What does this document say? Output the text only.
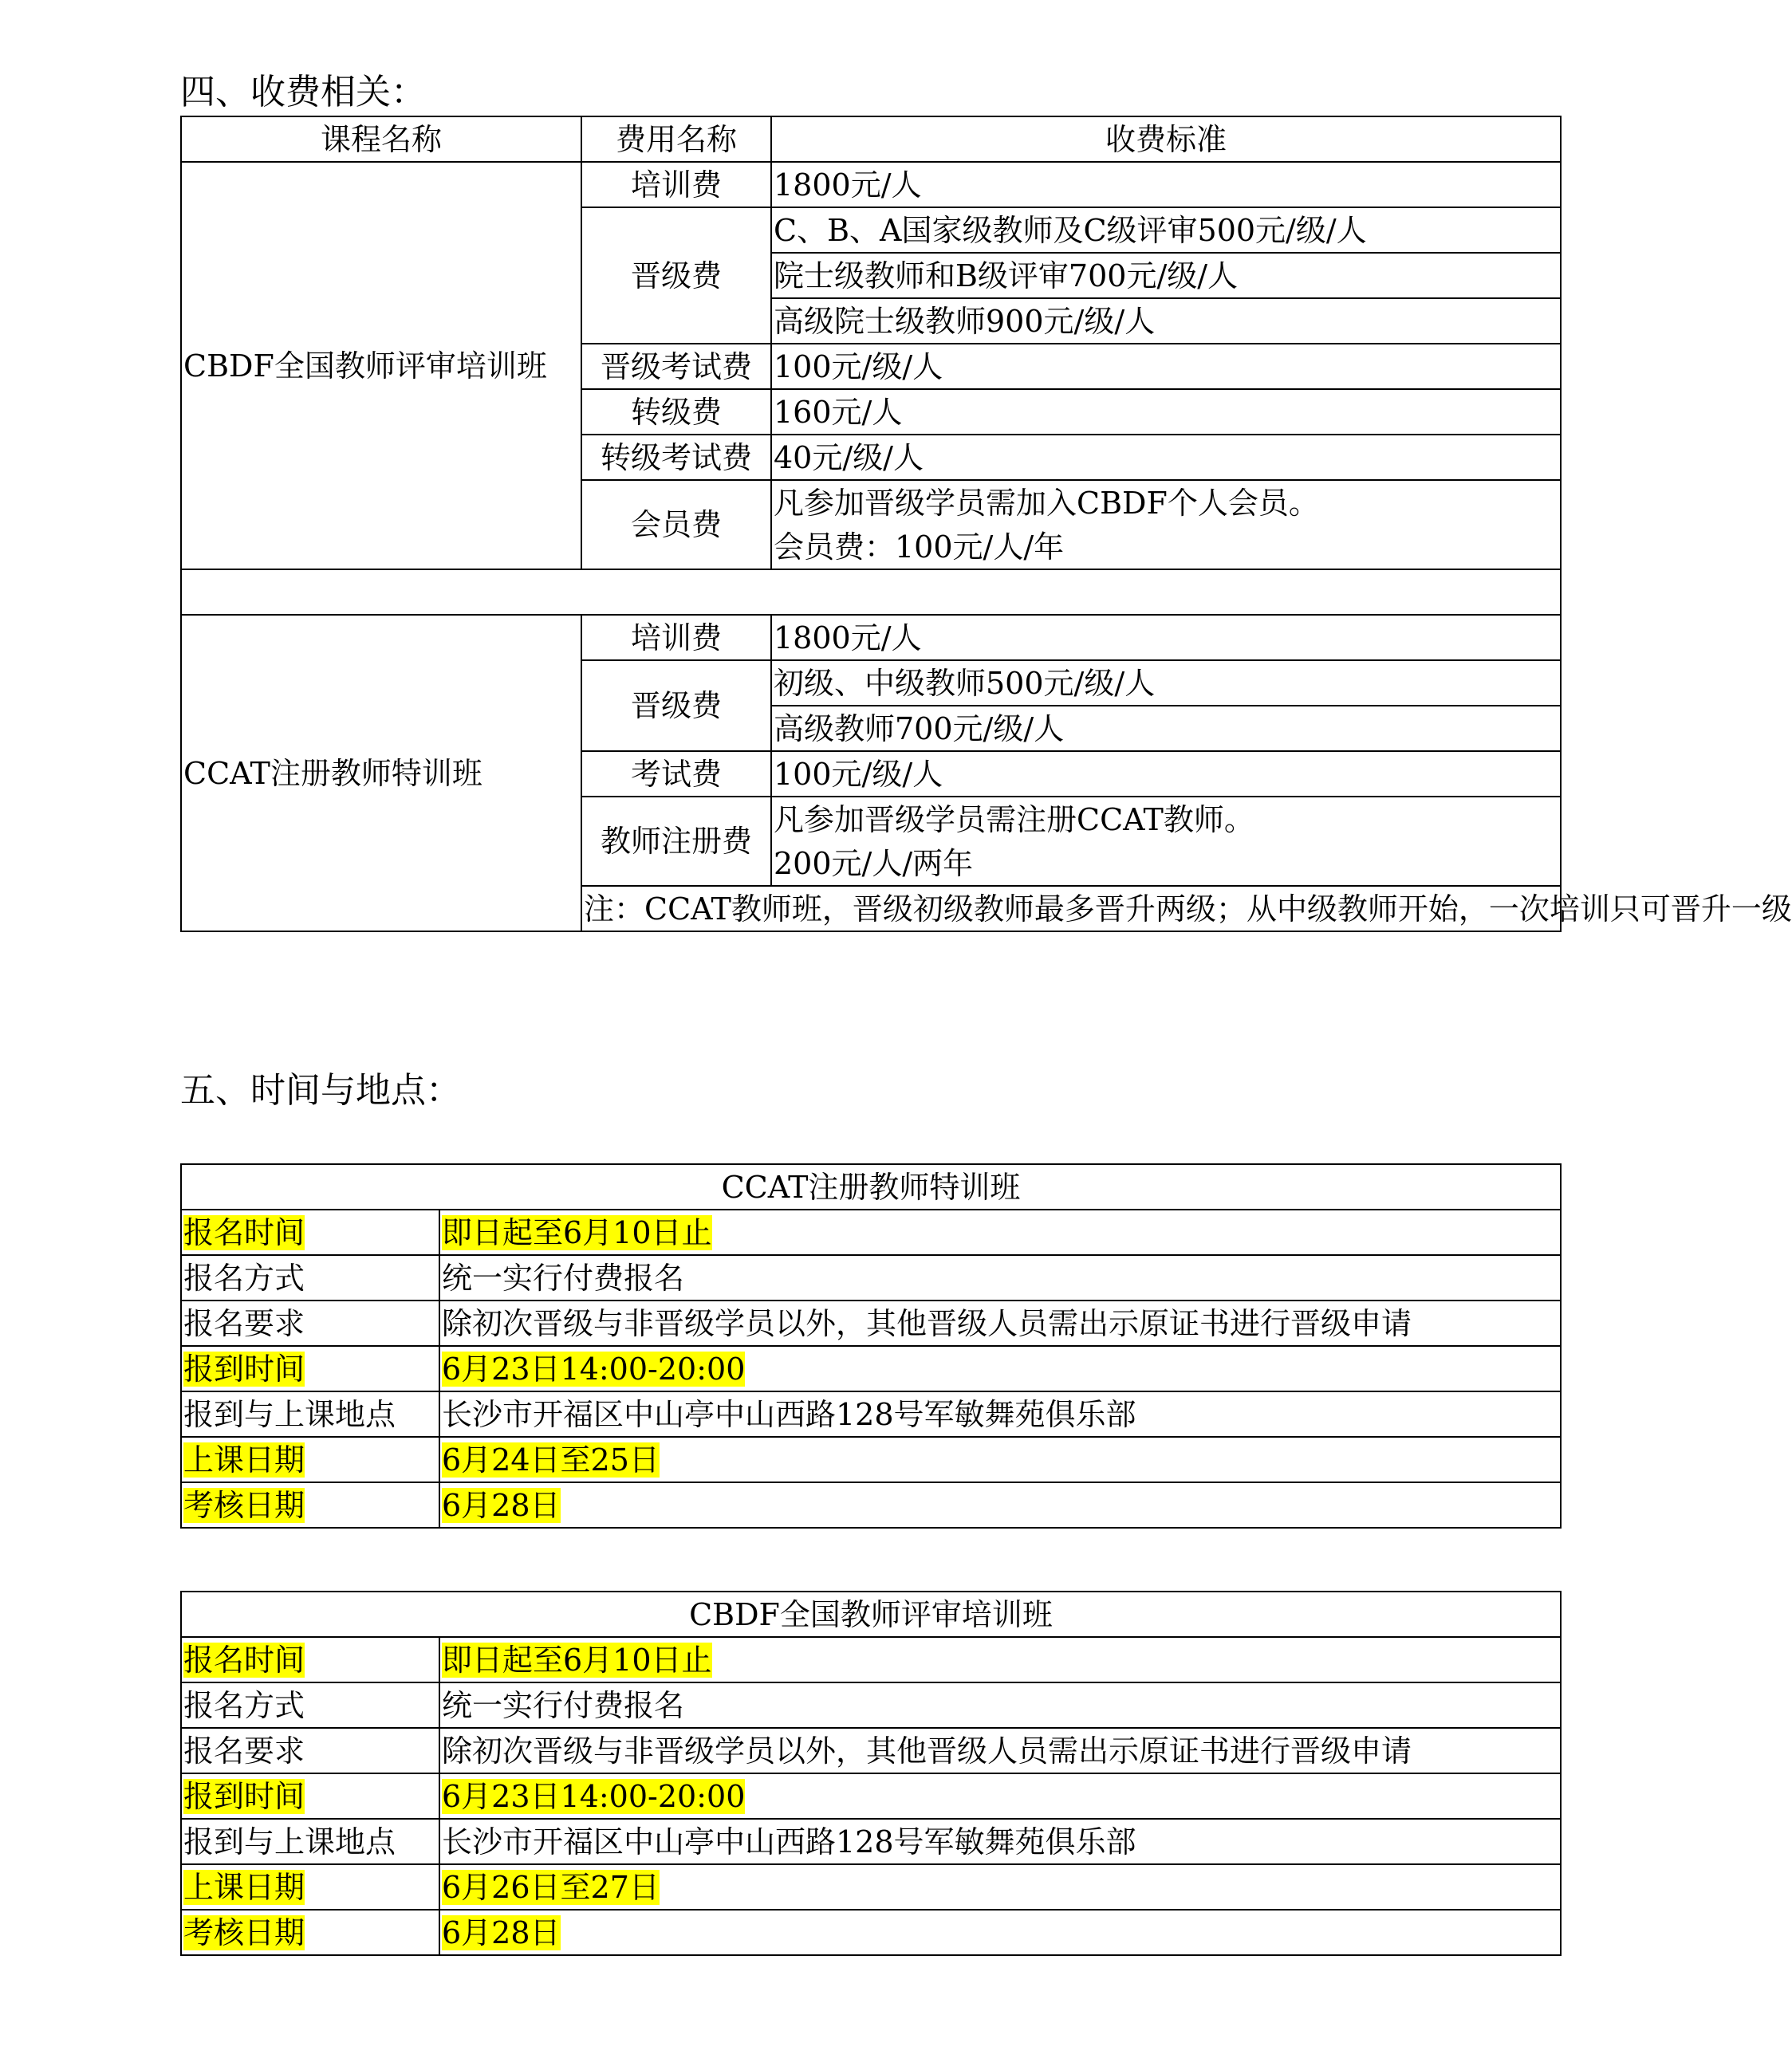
四、收费相关：
课程名称	费用名称	收费标准
CBDF全国教师评审培训班	培训费	1800元/人
	晋级费	C、B、A国家级教师及C级评审500元/级/人
		院士级教师和B级评审700元/级/人
		高级院士级教师900元/级/人
	晋级考试费	100元/级/人
	转级费	160元/人
	转级考试费	40元/级/人
	会员费	凡参加晋级学员需加入CBDF个人会员。
		会员费：100元/人/年

CCAT注册教师特训班	培训费	1800元/人
	晋级费	初级、中级教师500元/级/人
		高级教师700元/级/人
	考试费	100元/级/人
	教师注册费	凡参加晋级学员需注册CCAT教师。
		200元/人/两年
	注：CCAT教师班，晋级初级教师最多晋升两级；从中级教师开始，一次培训只可晋升一级	
五、时间与地点：
CCAT注册教师特训班	
报名时间	即日起至6月10日止
报名方式	统一实行付费报名
报名要求	除初次晋级与非晋级学员以外，其他晋级人员需出示原证书进行晋级申请
报到时间	6月23日14:00-20:00
报到与上课地点	长沙市开福区中山亭中山西路128号军敏舞苑俱乐部
上课日期	6月24日至25日
考核日期	6月28日
CBDF全国教师评审培训班	
报名时间	即日起至6月10日止
报名方式	统一实行付费报名
报名要求	除初次晋级与非晋级学员以外，其他晋级人员需出示原证书进行晋级申请
报到时间	6月23日14:00-20:00
报到与上课地点	长沙市开福区中山亭中山西路128号军敏舞苑俱乐部
上课日期	6月26日至27日
考核日期	6月28日
